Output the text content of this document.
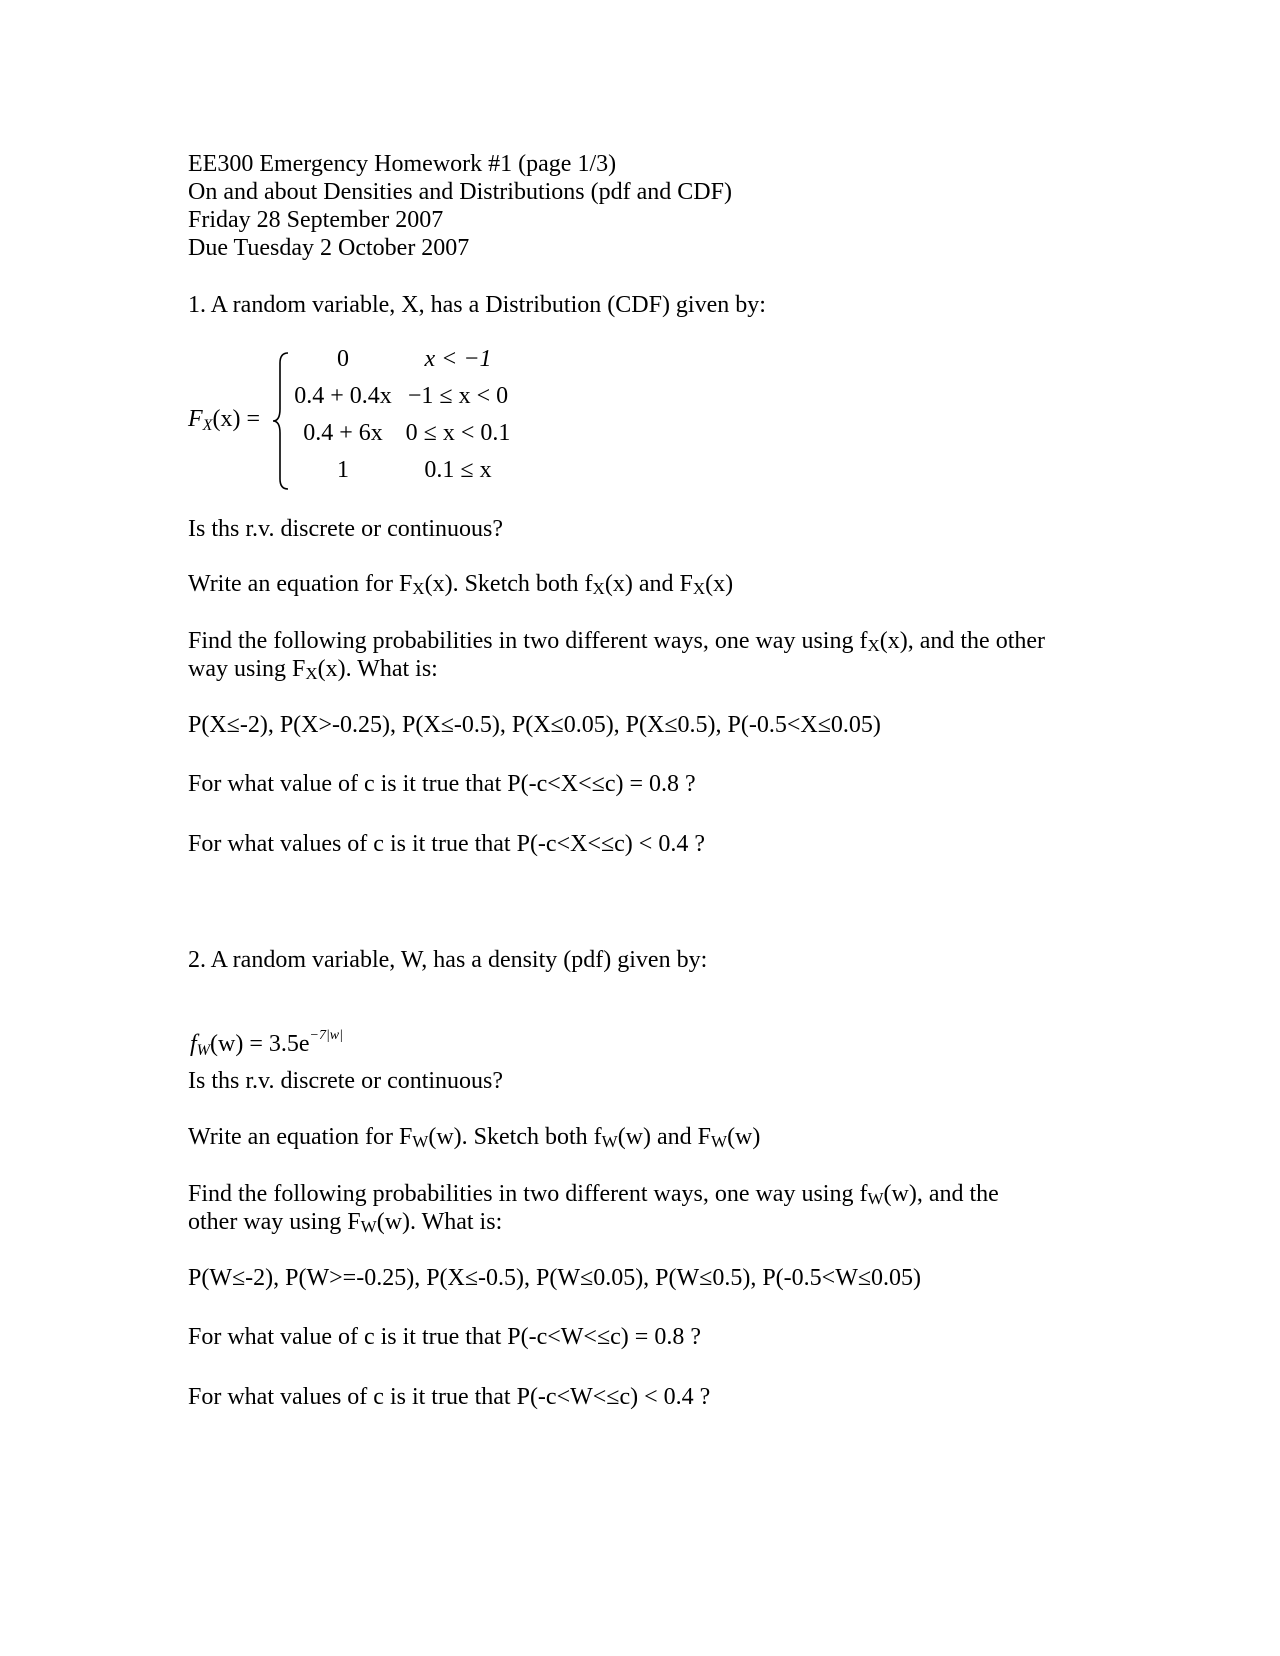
EE300 Emergency Homework #1 (page 1/3)
On and about Densities and Distributions (pdf and CDF)
Friday 28 September 2007
Due Tuesday 2 October 2007
1. A random variable, X, has a Distribution (CDF) given by:
FX(x) =
0	x < −1
0.4 + 0.4x −1 ≤ x < 0
0.4 + 6x 0 ≤ x < 0.1
1	0.1 ≤ x
Is ths r.v. discrete or continuous?
Write an equation for FX(x). Sketch both fX(x) and FX(x)
Find the following probabilities in two different ways, one way using fX(x), and the other
way using FX(x). What is:
P(X≤-2), P(X>-0.25), P(X≤-0.5), P(X≤0.05), P(X≤0.5), P(-0.5<X≤0.05)
For what value of c is it true that P(-c<X<≤c) = 0.8 ?
For what values of c is it true that P(-c<X<≤c) < 0.4 ?
2. A random variable, W, has a density (pdf) given by:
$fW(w) = 3.5e^{-7|w|}$
Is ths r.v. discrete or continuous?
Write an equation for FW(w). Sketch both fW(w) and FW(w)
Find the following probabilities in two different ways, one way using fW(w), and the
other way using FW(w). What is:
P(W≤-2), P(W>=-0.25), P(X≤-0.5), P(W≤0.05), P(W≤0.5), P(-0.5<W≤0.05)
For what value of c is it true that P(-c<W<≤c) = 0.8 ?
For what values of c is it true that P(-c<W<≤c) < 0.4 ?
